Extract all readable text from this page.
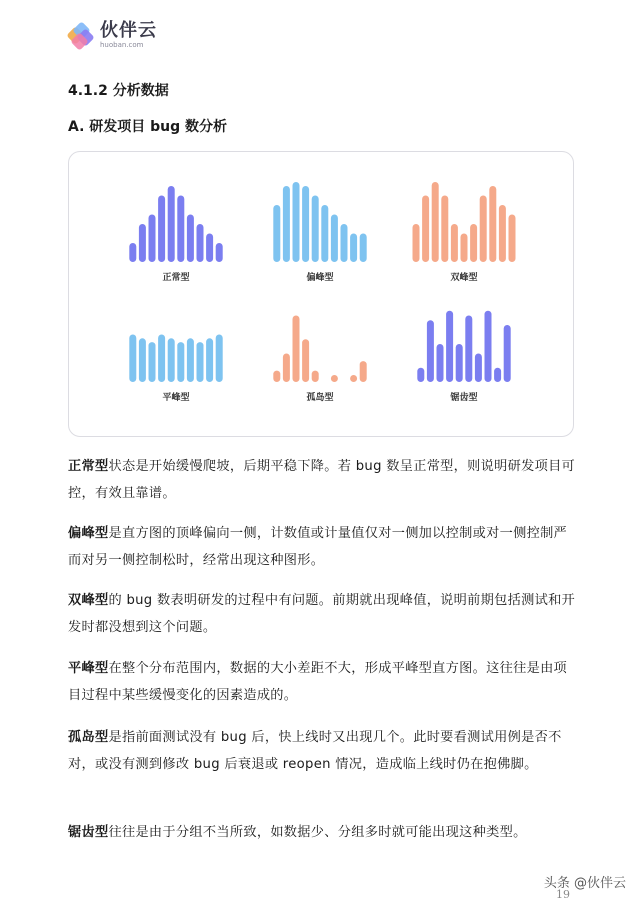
伙伴云
huoban.com
4.1.2 分析数据
A. 研发项目 bug 数分析
正常型	偏峰型	双峰型
平峰型	孤岛型	锯齿型
正常型状态是开始缓慢爬坡，后期平稳下降。若 bug 数呈正常型，则说明研发项目可控，有效且靠谱。
偏峰型是直方图的顶峰偏向一侧，计数值或计量值仅对一侧加以控制或对一侧控制严而对另一侧控制松时，经常出现这种图形。
双峰型的 bug 数表明研发的过程中有问题。前期就出现峰值，说明前期包括测试和开发时都没想到这个问题。
平峰型在整个分布范围内，数据的大小差距不大，形成平峰型直方图。这往往是由项目过程中某些缓慢变化的因素造成的。
孤岛型是指前面测试没有 bug 后，快上线时又出现几个。此时要看测试用例是否不对，或没有测到修改 bug 后衰退或 reopen 情况，造成临上线时仍在抱佛脚。
锯齿型往往是由于分组不当所致，如数据少、分组多时就可能出现这种类型。
头条 @伙伴云
19
